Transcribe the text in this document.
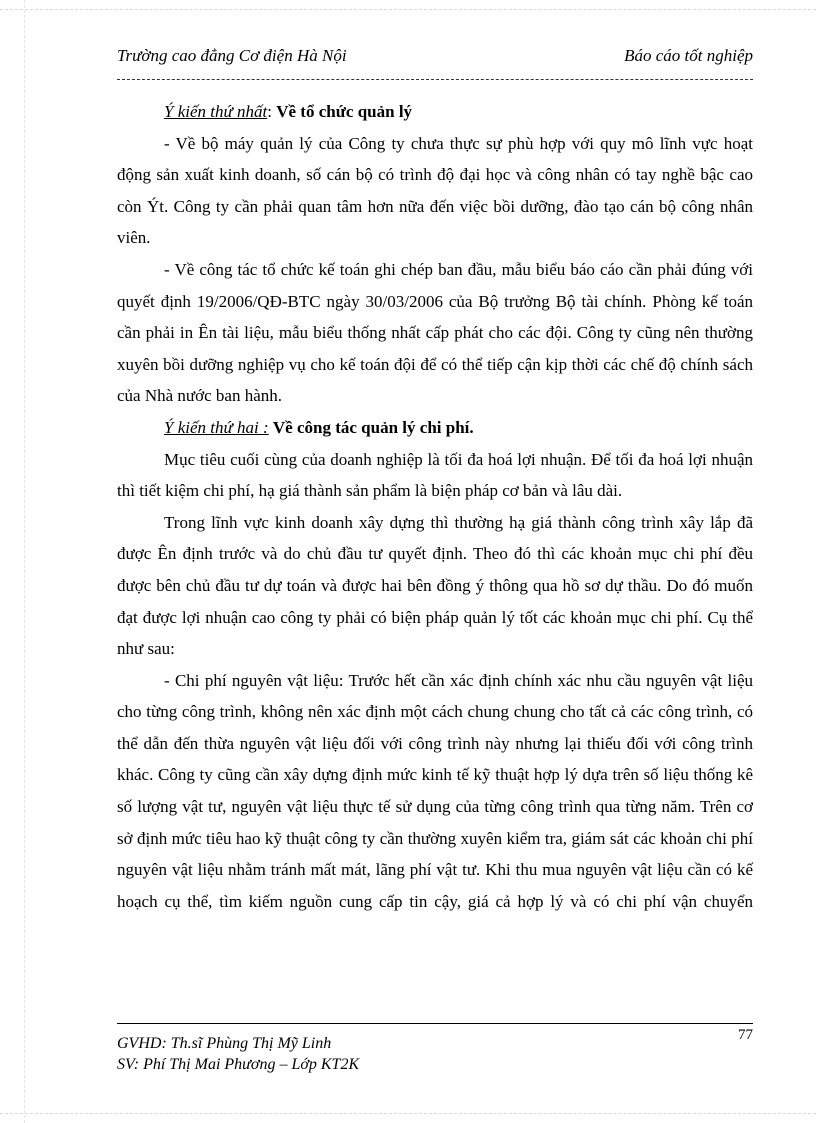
Trường cao đẳng Cơ điện Hà Nội	Báo cáo tốt nghiệp

Ý kiến thứ nhất: Về tổ chức quản lý

- Về bộ máy quản lý của Công ty chưa thực sự phù hợp với quy mô lĩnh vực hoạt động sản xuất kinh doanh, số cán bộ có trình độ đại học và công nhân có tay nghề bậc cao còn Ýt. Công ty cần phải quan tâm hơn nữa đến việc bồi dưỡng, đào tạo cán bộ công nhân viên.

- Về công tác tổ chức kế toán ghi chép ban đầu, mẫu biểu báo cáo cần phải đúng với quyết định 19/2006/QĐ-BTC ngày 30/03/2006 của Bộ trưởng Bộ tài chính. Phòng kế toán cần phải in Ên tài liệu, mẫu biểu thống nhất cấp phát cho các đội. Công ty cũng nên thường xuyên bồi dưỡng nghiệp vụ cho kế toán đội để có thể tiếp cận kịp thời các chế độ chính sách của Nhà nước ban hành.

Ý kiến thứ hai : Về công tác quản lý chi phí.

Mục tiêu cuối cùng của doanh nghiệp là tối đa hoá lợi nhuận. Để tối đa hoá lợi nhuận thì tiết kiệm chi phí, hạ giá thành sản phẩm là biện pháp cơ bản và lâu dài.

Trong lĩnh vực kinh doanh xây dựng thì thường hạ giá thành công trình xây lắp đã được Ên định trước và do chủ đầu tư quyết định. Theo đó thì các khoản mục chi phí đều được bên chủ đầu tư dự toán và được hai bên đồng ý thông qua hồ sơ dự thầu. Do đó muốn đạt được lợi nhuận cao công ty phải có biện pháp quản lý tốt các khoản mục chi phí. Cụ thể như sau:

- Chi phí nguyên vật liệu: Trước hết cần xác định chính xác nhu cầu nguyên vật liệu cho từng công trình, không nên xác định một cách chung chung cho tất cả các công trình, có thể dẫn đến thừa nguyên vật liệu đối với công trình này nhưng lại thiếu đối với công trình khác. Công ty cũng cần xây dựng định mức kinh tế kỹ thuật hợp lý dựa trên số liệu thống kê số lượng vật tư, nguyên vật liệu thực tế sử dụng của từng công trình qua từng năm. Trên cơ sở định mức tiêu hao kỹ thuật công ty cần thường xuyên kiểm tra, giám sát các khoản chi phí nguyên vật liệu nhằm tránh mất mát, lãng phí vật tư. Khi thu mua nguyên vật liệu cần có kế hoạch cụ thể, tìm kiếm nguồn cung cấp tin cậy, giá cả hợp lý và có chi phí vận chuyển

77
GVHD: Th.sĩ Phùng Thị Mỹ Linh
SV: Phí Thị Mai Phương – Lớp KT2K
